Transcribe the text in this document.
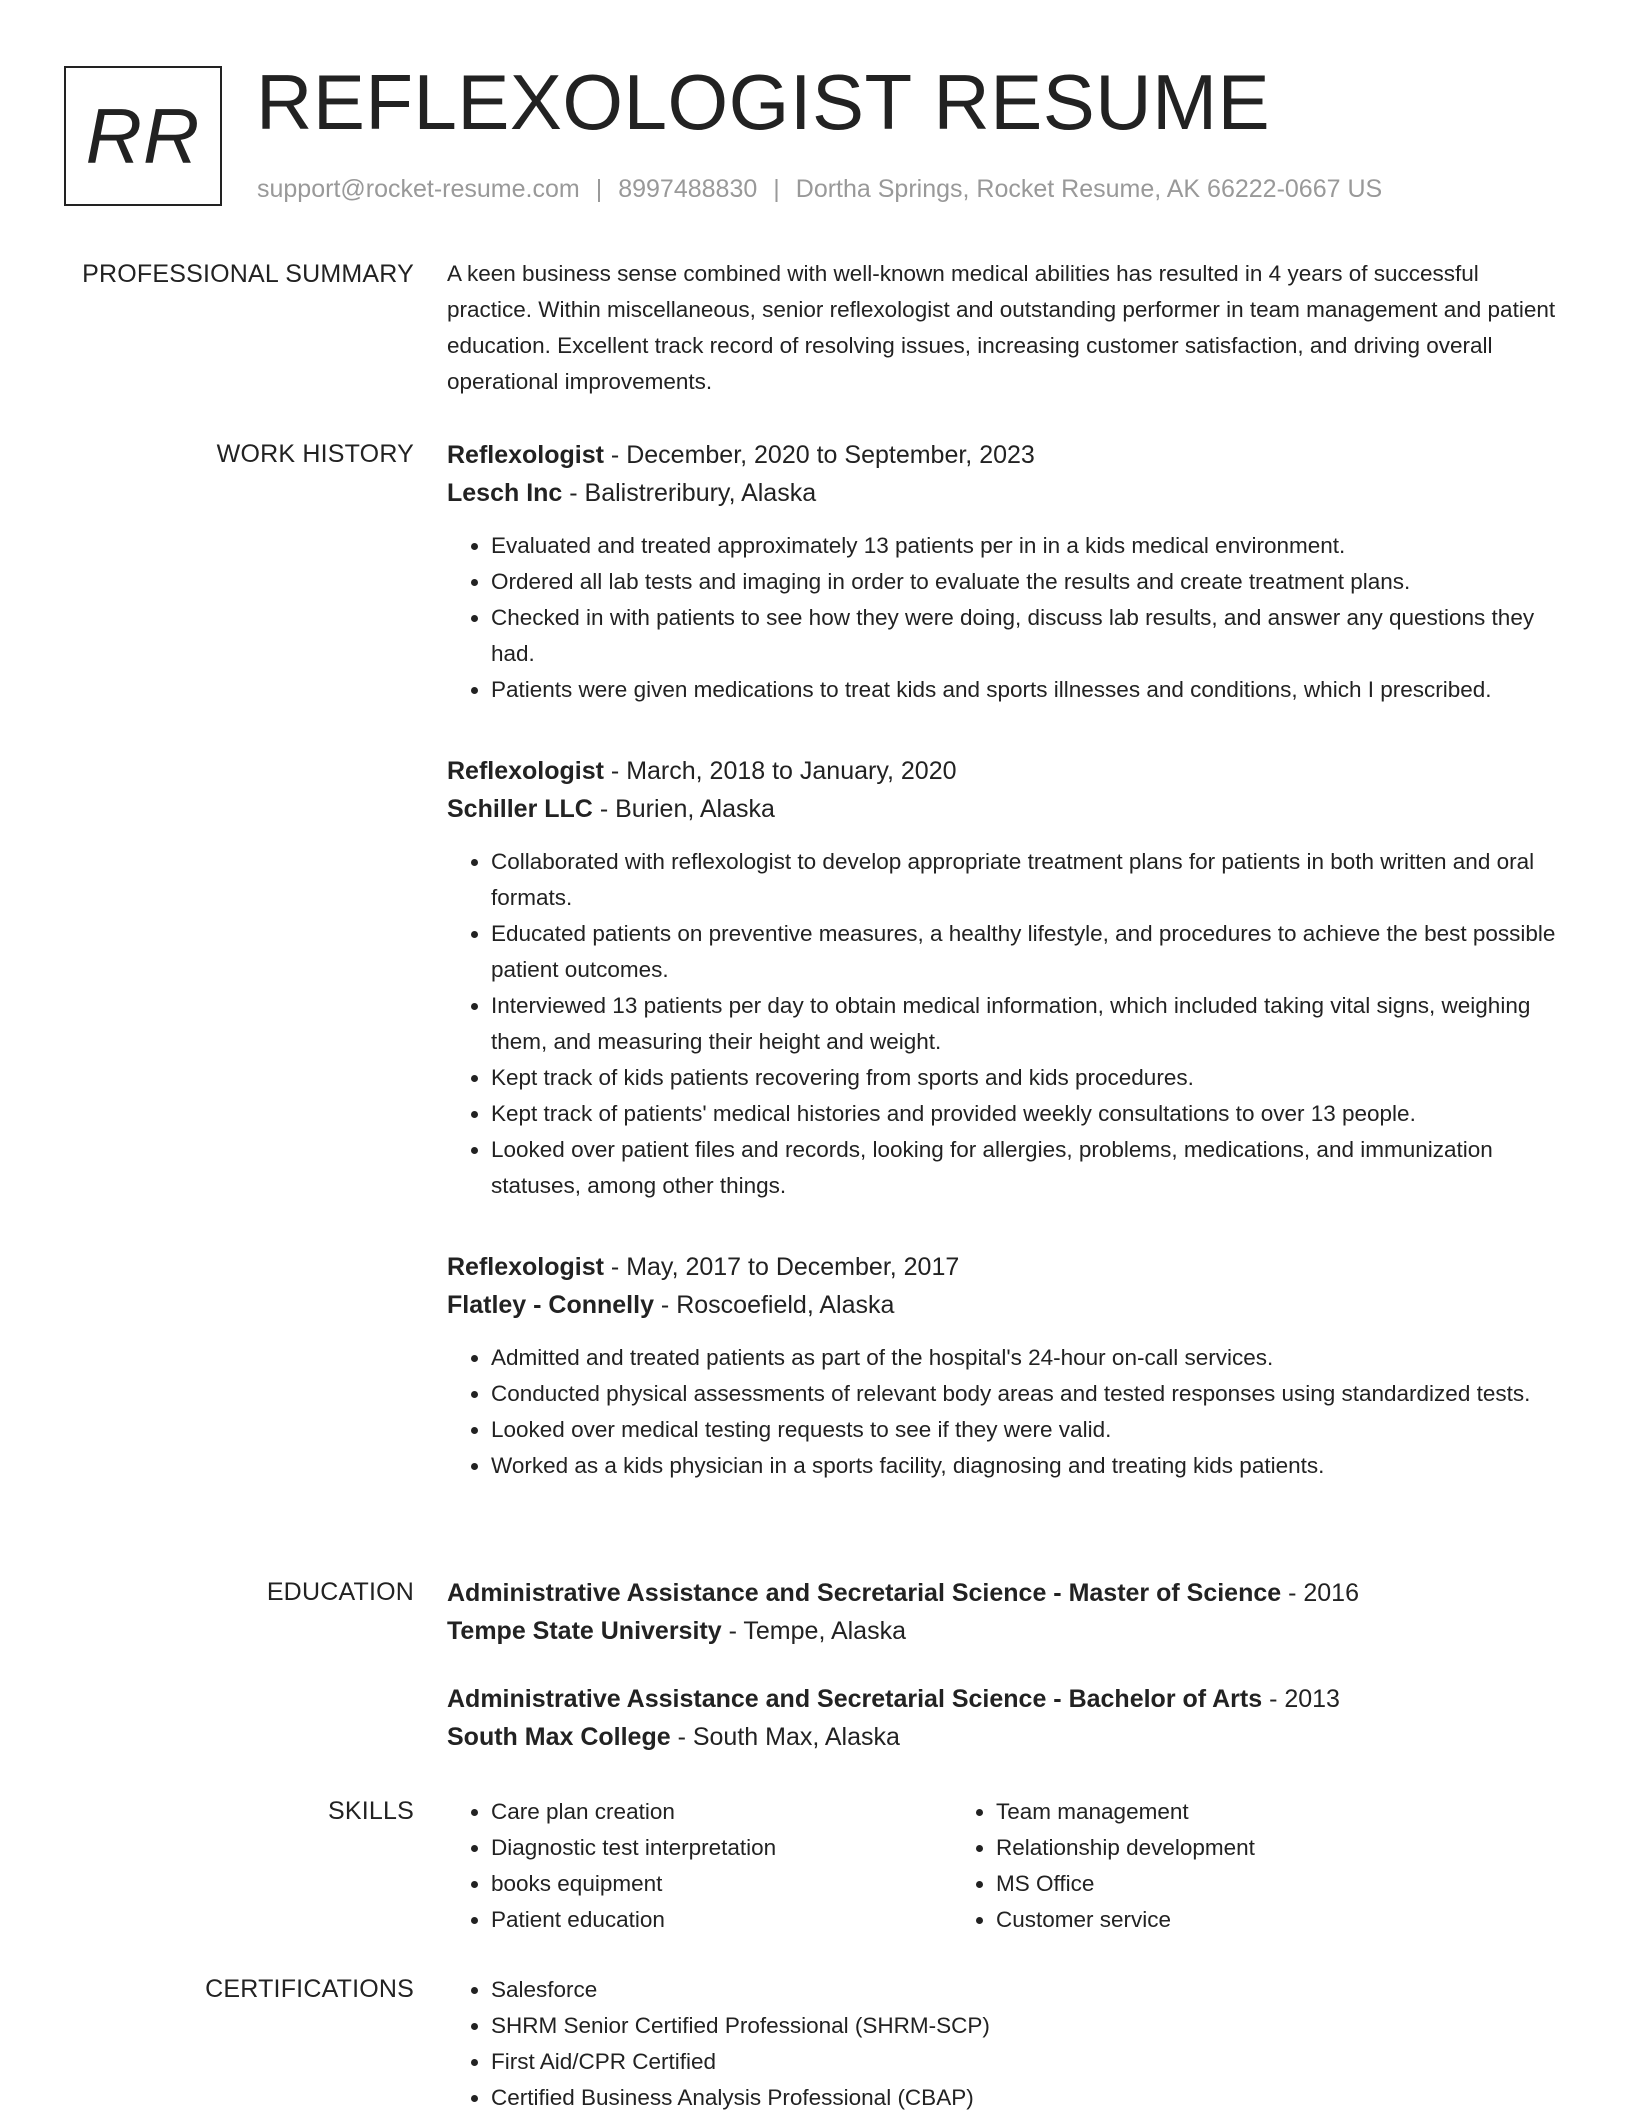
RR REFLEXOLOGIST RESUME
support@rocket-resume.com | 8997488830 | Dortha Springs, Rocket Resume, AK 66222-0667 US
PROFESSIONAL SUMMARY A keen business sense combined with well-known medical abilities has resulted in 4 years of successful practice. Within miscellaneous, senior reflexologist and outstanding performer in team management and patient education. Excellent track record of resolving issues, increasing customer satisfaction, and driving overall operational improvements.

WORK HISTORY Reflexologist - December, 2020 to September, 2023
Lesch Inc - Balistreribury, Alaska
• Evaluated and treated approximately 13 patients per in in a kids medical environment.
• Ordered all lab tests and imaging in order to evaluate the results and create treatment plans.
• Checked in with patients to see how they were doing, discuss lab results, and answer any questions they had.
• Patients were given medications to treat kids and sports illnesses and conditions, which I prescribed.
Reflexologist - March, 2018 to January, 2020
Schiller LLC - Burien, Alaska
• Collaborated with reflexologist to develop appropriate treatment plans for patients in both written and oral formats.
• Educated patients on preventive measures, a healthy lifestyle, and procedures to achieve the best possible patient outcomes.
• Interviewed 13 patients per day to obtain medical information, which included taking vital signs, weighing them, and measuring their height and weight.
• Kept track of kids patients recovering from sports and kids procedures.
• Kept track of patients' medical histories and provided weekly consultations to over 13 people.
• Looked over patient files and records, looking for allergies, problems, medications, and immunization statuses, among other things.
Reflexologist - May, 2017 to December, 2017
Flatley - Connelly - Roscoefield, Alaska
• Admitted and treated patients as part of the hospital's 24-hour on-call services.
• Conducted physical assessments of relevant body areas and tested responses using standardized tests.
• Looked over medical testing requests to see if they were valid.
• Worked as a kids physician in a sports facility, diagnosing and treating kids patients.
EDUCATION Administrative Assistance and Secretarial Science - Master of Science - 2016
Tempe State University - Tempe, Alaska
Administrative Assistance and Secretarial Science - Bachelor of Arts - 2013
South Max College - South Max, Alaska
SKILLS	• Care plan creation
• Diagnostic test interpretation
• books equipment
• Patient education
• Team management
• Relationship development
• MS Office
• Customer service
CERTIFICATIONS	• Salesforce
• SHRM Senior Certified Professional (SHRM-SCP)
• First Aid/CPR Certified
• Certified Business Analysis Professional (CBAP)
